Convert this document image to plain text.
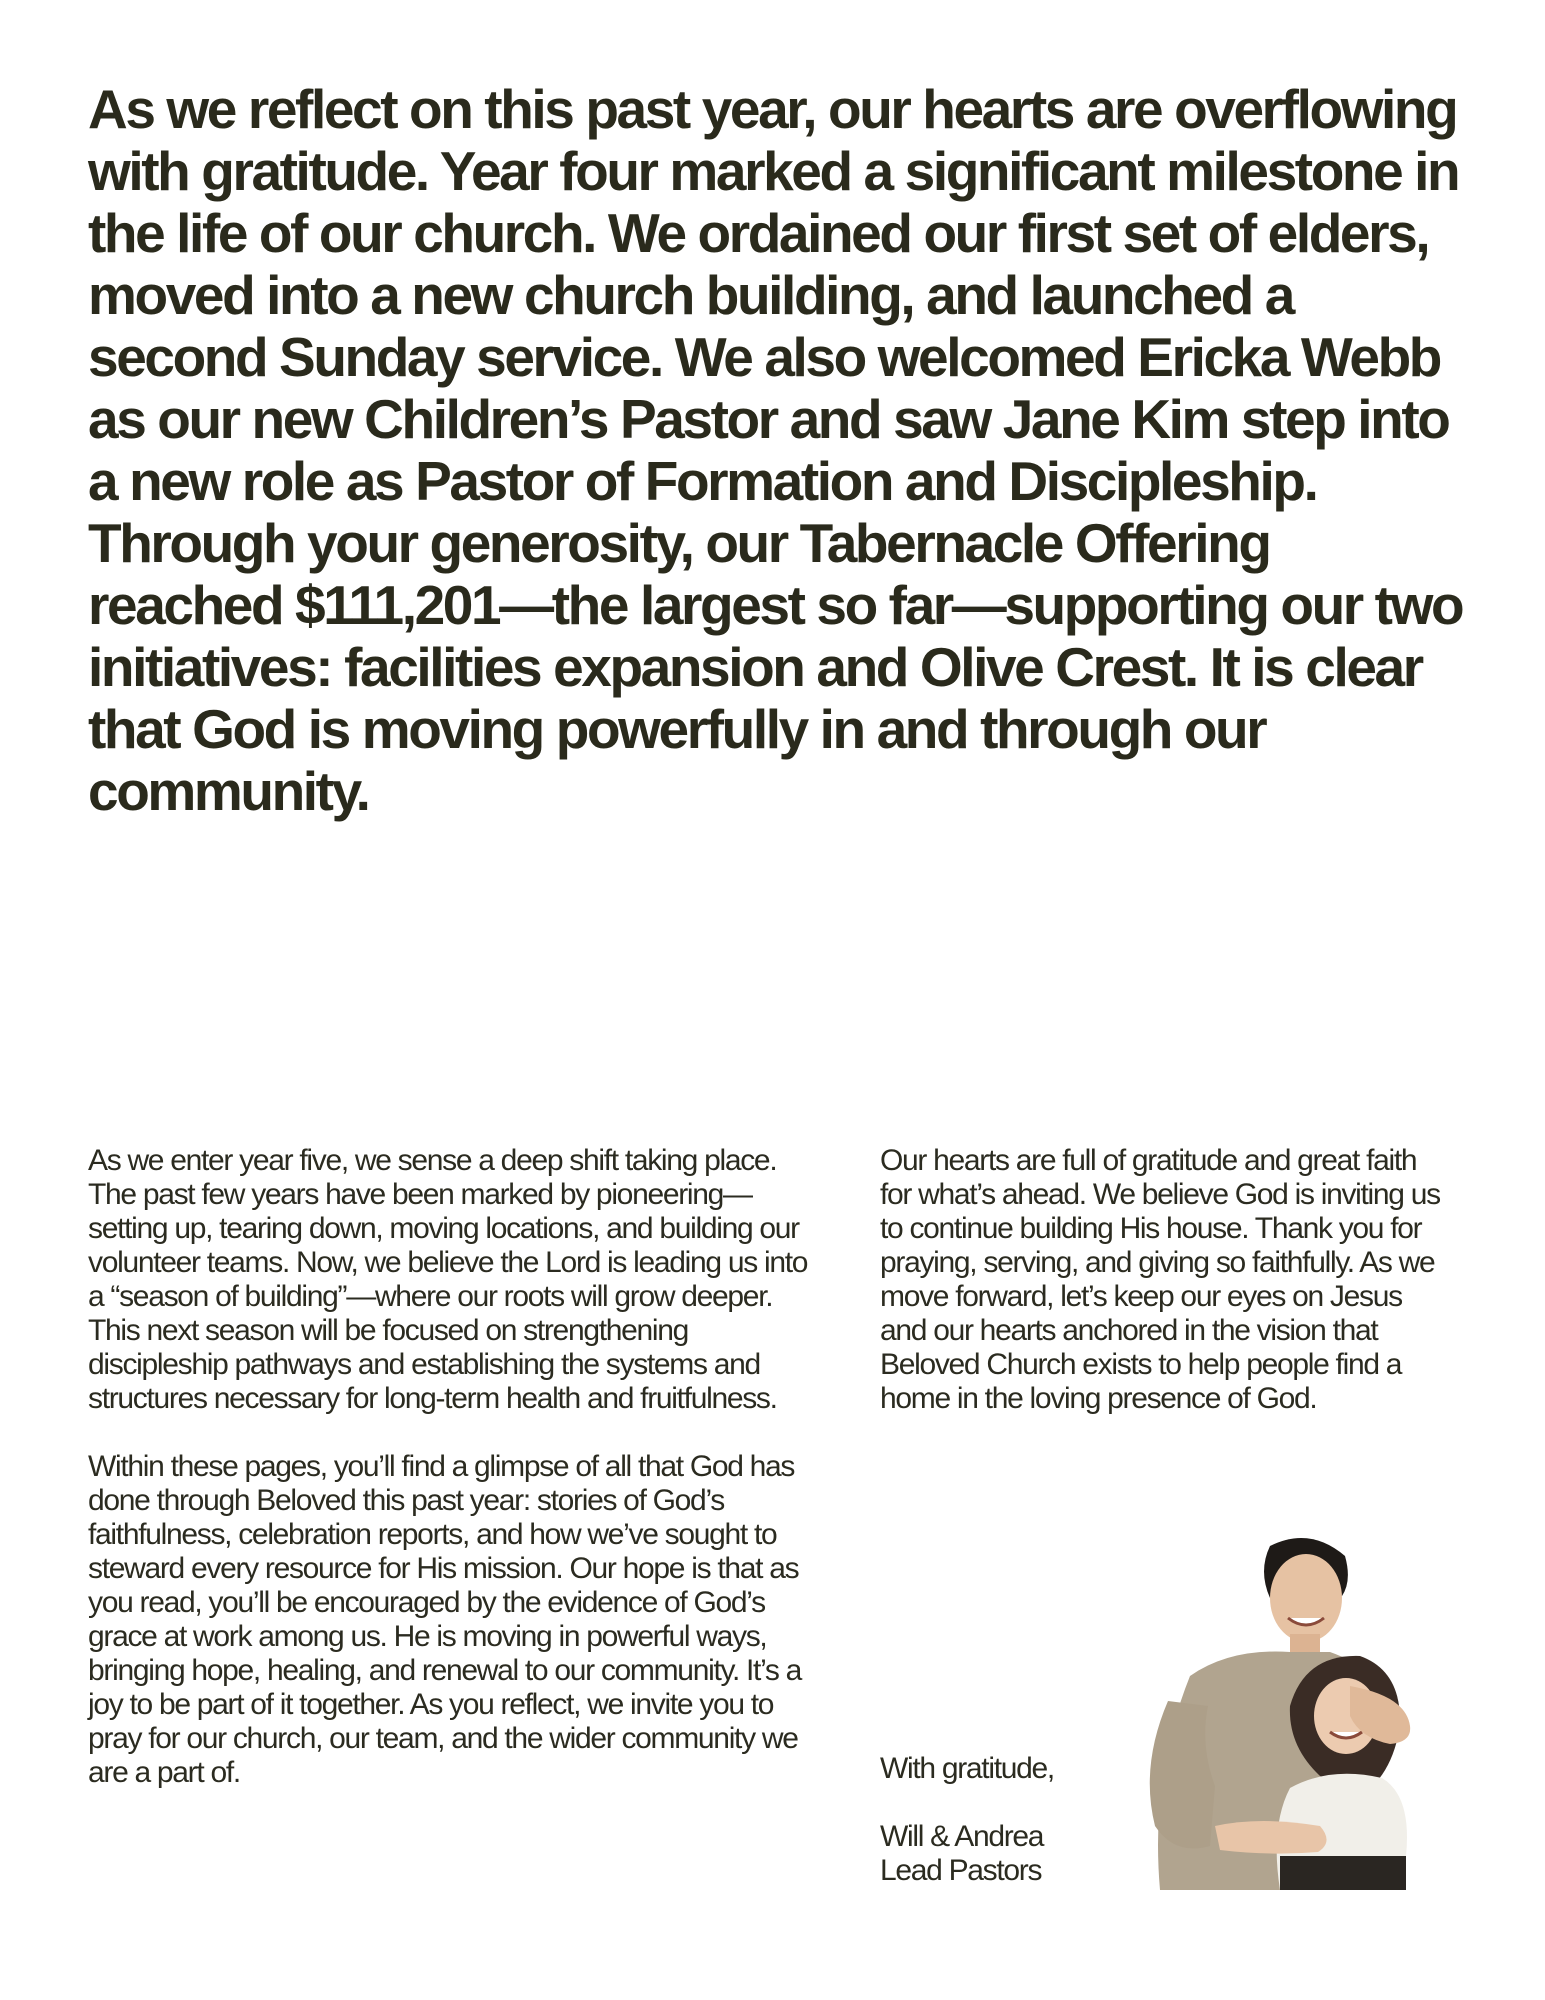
As we reflect on this past year, our hearts are overflowing with gratitude. Year four marked a significant milestone in the life of our church. We ordained our first set of elders, moved into a new church building, and launched a second Sunday service. We also welcomed Ericka Webb as our new Children’s Pastor and saw Jane Kim step into a new role as Pastor of Formation and Discipleship. Through your generosity, our Tabernacle Offering reached $111,201—the largest so far—supporting our two initiatives: facilities expansion and Olive Crest. It is clear that God is moving powerfully in and through our community.

As we enter year five, we sense a deep shift taking place. The past few years have been marked by pioneering—setting up, tearing down, moving locations, and building our volunteer teams. Now, we believe the Lord is leading us into a “season of building”—where our roots will grow deeper. This next season will be focused on strengthening discipleship pathways and establishing the systems and structures necessary for long-term health and fruitfulness.

Within these pages, you’ll find a glimpse of all that God has done through Beloved this past year: stories of God’s faithfulness, celebration reports, and how we’ve sought to steward every resource for His mission. Our hope is that as you read, you’ll be encouraged by the evidence of God’s grace at work among us. He is moving in powerful ways, bringing hope, healing, and renewal to our community. It’s a joy to be part of it together. As you reflect, we invite you to pray for our church, our team, and the wider community we are a part of.

Our hearts are full of gratitude and great faith for what’s ahead. We believe God is inviting us to continue building His house. Thank you for praying, serving, and giving so faithfully. As we move forward, let’s keep our eyes on Jesus and our hearts anchored in the vision that Beloved Church exists to help people find a home in the loving presence of God.

With gratitude,

Will & Andrea

Lead Pastors
